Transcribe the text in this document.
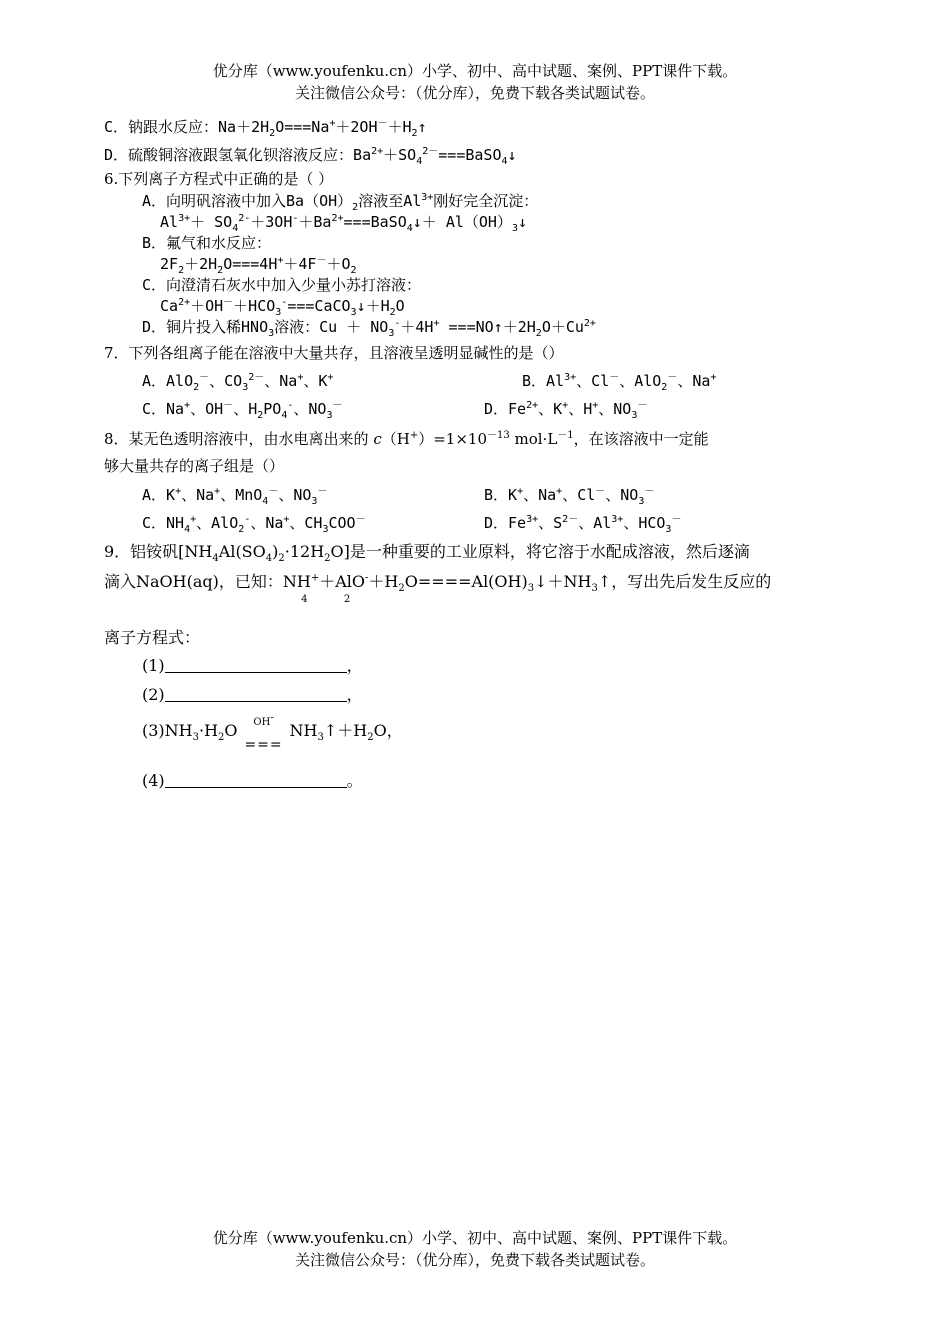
优分库（www.youfenku.cn）小学、初中、高中试题、案例、PPT课件下载。
关注微信公众号：（优分库），免费下载各类试题试卷。
C．钠跟水反应：$Na+2H_2O===Na^++2OH^-+H_2↑$
D．硫酸铜溶液跟氢氧化钡溶液反应：$Ba^{2+}+SO_4^{2-}===BaSO_4↓$
6.下列离子方程式中正确的是（ ）
A．向明矾溶液中加入$Ba(OH)_2$溶液至$Al^{3+}$刚好完全沉淀：
$Al^{3+}+$ $SO_4^{2-}+3OH^-+Ba^{2+}===BaSO_4↓+$ $Al(OH)_3↓$
B．氟气和水反应：
$2F_2+2H_2O===4H^++4F^-+O_2$
C．向澄清石灰水中加入少量小苏打溶液：
$Ca^{2+}+OH^-+HCO_3^-===CaCO_3↓+H_2O$
D．铜片投入稀$HNO_3$溶液：$Cu + NO_3^-+4H^+$ $===NO↑+2H_2O+Cu^{2+}$
7．下列各组离子能在溶液中大量共存，且溶液呈透明显碱性的是（）
A．AlO$_2$－、$CO_3^{2-}$、Na+、K+	B．$Al^{3+}$、Cl－、AlO$_2$－、Na+
C．Na+、OH－、$H_2PO_4^-$、$NO_3^-$	D．$Fe^{2+}$、K+、H+、$NO_3^-$
8．某无色透明溶液中，由水电离出来的 $c(H^+)=1\times 10^{-13}$ $mol\cdot L^{-1}$，在该溶液中一定能
够大量共存的离子组是（）
A．K+、Na+、MnO$_4$－、$NO_3^-$	B．K+、Na+、Cl－、$NO_3^-$
C．$NH_4^+$、AlO$_2$-、Na+、$CH_3COO^-$	D．$Fe^{3+}$、$S^{2-}$、$Al^{3+}$、$HCO_3^-$
9．铝铵矾$[NH_4Al(SO_4)_2\cdot 12H_2O]$是一种重要的工业原料，将它溶于水配成溶液，然后逐滴
滴入NaOH(aq)，已知：NH+
4
＋AlO-
2
$+H_2O====Al(OH)_3↓+NH_3↑$，写出先后发生反应的
离子方程式：
(1)	，
(2)	，
$(3)NH_3\cdot H_2O$	OH-
===
$NH_3↑+H_2O$，
(4)	。
优分库（www.youfenku.cn）小学、初中、高中试题、案例、PPT课件下载。
关注微信公众号：（优分库），免费下载各类试题试卷。
